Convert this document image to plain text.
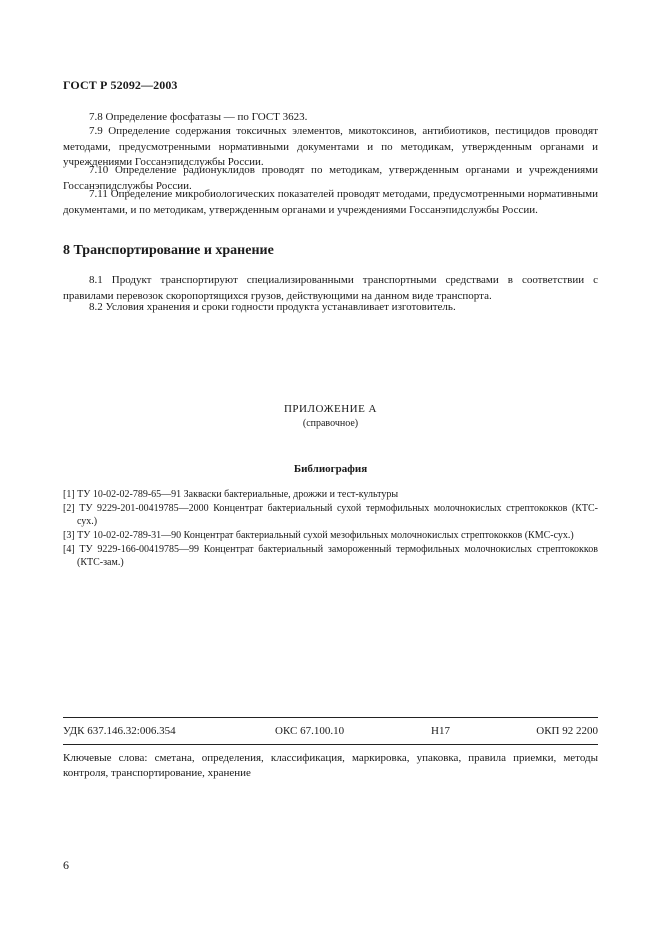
ГОСТ Р 52092—2003

7.8 Определение фосфатазы — по ГОСТ 3623.

7.9 Определение содержания токсичных элементов, микотоксинов, антибиотиков, пестицидов проводят методами, предусмотренными нормативными документами и по методикам, утвержденным органами и учреждениями Госсанэпидслужбы России.

7.10 Определение радионуклидов проводят по методикам, утвержденным органами и учреждениями Госсанэпидслужбы России.

7.11 Определение микробиологических показателей проводят методами, предусмотренными нормативными документами, и по методикам, утвержденным органами и учреждениями Госсанэпидслужбы России.

8 Транспортирование и хранение

8.1 Продукт транспортируют специализированными транспортными средствами в соответствии с правилами перевозок скоропортящихся грузов, действующими на данном виде транспорта.

8.2 Условия хранения и сроки годности продукта устанавливает изготовитель.

ПРИЛОЖЕНИЕ А
(справочное)
Библиография
[1] ТУ 10-02-02-789-65—91 Закваски бактериальные, дрожжи и тест-культуры
[2] ТУ 9229-201-00419785—2000 Концентрат бактериальный сухой термофильных молочнокислых стрептококков (КТС-сух.)
[3] ТУ 10-02-02-789-31—90 Концентрат бактериальный сухой мезофильных молочнокислых стрептококков (КМС-сух.)
[4] ТУ 9229-166-00419785—99 Концентрат бактериальный замороженный термофильных молочнокислых стрептококков (КТС-зам.)
УДК 637.146.32:006.354	ОКС 67.100.10	Н17	ОКП 92 2200

Ключевые слова: сметана, определения, классификация, маркировка, упаковка, правила приемки, методы контроля, транспортирование, хранение

6
